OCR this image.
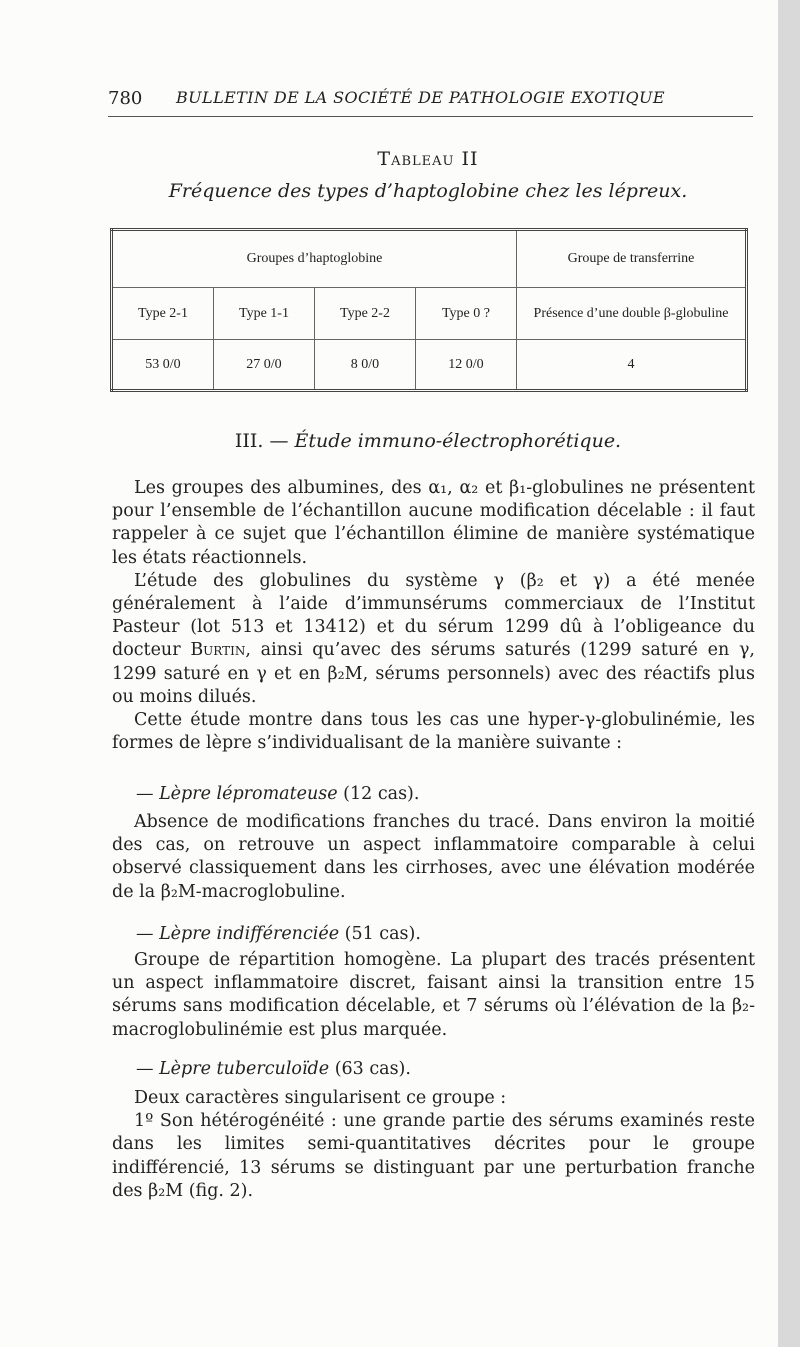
780 BULLETIN DE LA SOCIÉTÉ DE PATHOLOGIE EXOTIQUE
Tableau II
Fréquence des types d’haptoglobine chez les lépreux.
Groupes d’haptoglobine				Groupe de transferrine
Type 2-1	Type 1-1	Type 2-2	Type 0 ?	Présence d’une double β-globuline
53 0/0	27 0/0	8 0/0	12 0/0	4
III. — Étude immuno-électrophorétique.

Les groupes des albumines, des α₁, α₂ et β₁-globulines ne présentent pour l’ensemble de l’échantillon aucune modification décelable : il faut rappeler à ce sujet que l’échantillon élimine de manière systématique les états réactionnels.

L’étude des globulines du système γ (β₂ et γ) a été menée généralement à l’aide d’immunsérums commerciaux de l’Institut Pasteur (lot 513 et 13412) et du sérum 1299 dû à l’obligeance du docteur Burtin, ainsi qu’avec des sérums saturés (1299 saturé en γ, 1299 saturé en γ et en β₂M, sérums personnels) avec des réactifs plus ou moins dilués.

Cette étude montre dans tous les cas une hyper-γ-globulinémie, les formes de lèpre s’individualisant de la manière suivante :

— Lèpre lépromateuse (12 cas).

Absence de modifications franches du tracé. Dans environ la moitié des cas, on retrouve un aspect inflammatoire comparable à celui observé classiquement dans les cirrhoses, avec une élévation modérée de la β₂M-macroglobuline.

— Lèpre indifférenciée (51 cas).

Groupe de répartition homogène. La plupart des tracés présentent un aspect inflammatoire discret, faisant ainsi la transition entre 15 sérums sans modification décelable, et 7 sérums où l’élévation de la β₂-macroglobulinémie est plus marquée.

— Lèpre tuberculoïde (63 cas).

Deux caractères singularisent ce groupe :

1º Son hétérogénéité : une grande partie des sérums examinés reste dans les limites semi-quantitatives décrites pour le groupe indifférencié, 13 sérums se distinguant par une perturbation franche des β₂M (fig. 2).
